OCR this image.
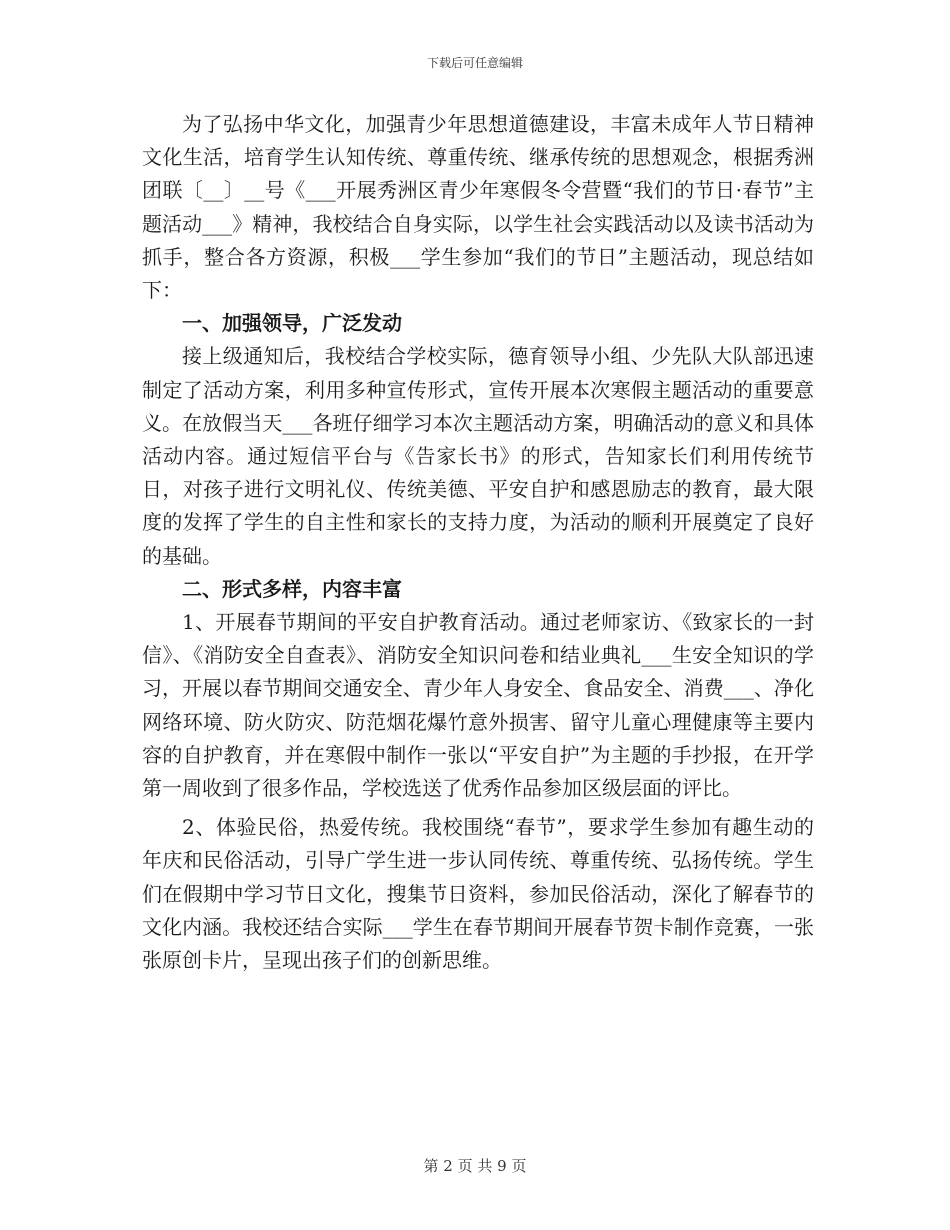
下载后可任意编辑

为了弘扬中华文化，加强青少年思想道德建设，丰富未成年人节日精神文化生活，培育学生认知传统、尊重传统、继承传统的思想观念，根据秀洲团联〔__〕__号《___开展秀洲区青少年寒假冬令营暨“我们的节日·春节”主题活动___》精神，我校结合自身实际，以学生社会实践活动以及读书活动为抓手，整合各方资源，积极___学生参加“我们的节日”主题活动，现总结如下：

一、加强领导，广泛发动

接上级通知后，我校结合学校实际，德育领导小组、少先队大队部迅速制定了活动方案，利用多种宣传形式，宣传开展本次寒假主题活动的重要意义。在放假当天___各班仔细学习本次主题活动方案，明确活动的意义和具体活动内容。通过短信平台与《告家长书》的形式，告知家长们利用传统节日，对孩子进行文明礼仪、传统美德、平安自护和感恩励志的教育，最大限度的发挥了学生的自主性和家长的支持力度，为活动的顺利开展奠定了良好的基础。

二、形式多样，内容丰富

1、开展春节期间的平安自护教育活动。通过老师家访、《致家长的一封信》、《消防安全自查表》、消防安全知识问卷和结业典礼___生安全知识的学习，开展以春节期间交通安全、青少年人身安全、食品安全、消费___、净化网络环境、防火防灾、防范烟花爆竹意外损害、留守儿童心理健康等主要内容的自护教育，并在寒假中制作一张以“平安自护”为主题的手抄报，在开学第一周收到了很多作品，学校选送了优秀作品参加区级层面的评比。

2、体验民俗，热爱传统。我校围绕“春节”，要求学生参加有趣生动的年庆和民俗活动，引导广学生进一步认同传统、尊重传统、弘扬传统。学生们在假期中学习节日文化，搜集节日资料，参加民俗活动，深化了解春节的文化内涵。我校还结合实际___学生在春节期间开展春节贺卡制作竞赛，一张张原创卡片，呈现出孩子们的创新思维。

第 2 页 共 9 页
